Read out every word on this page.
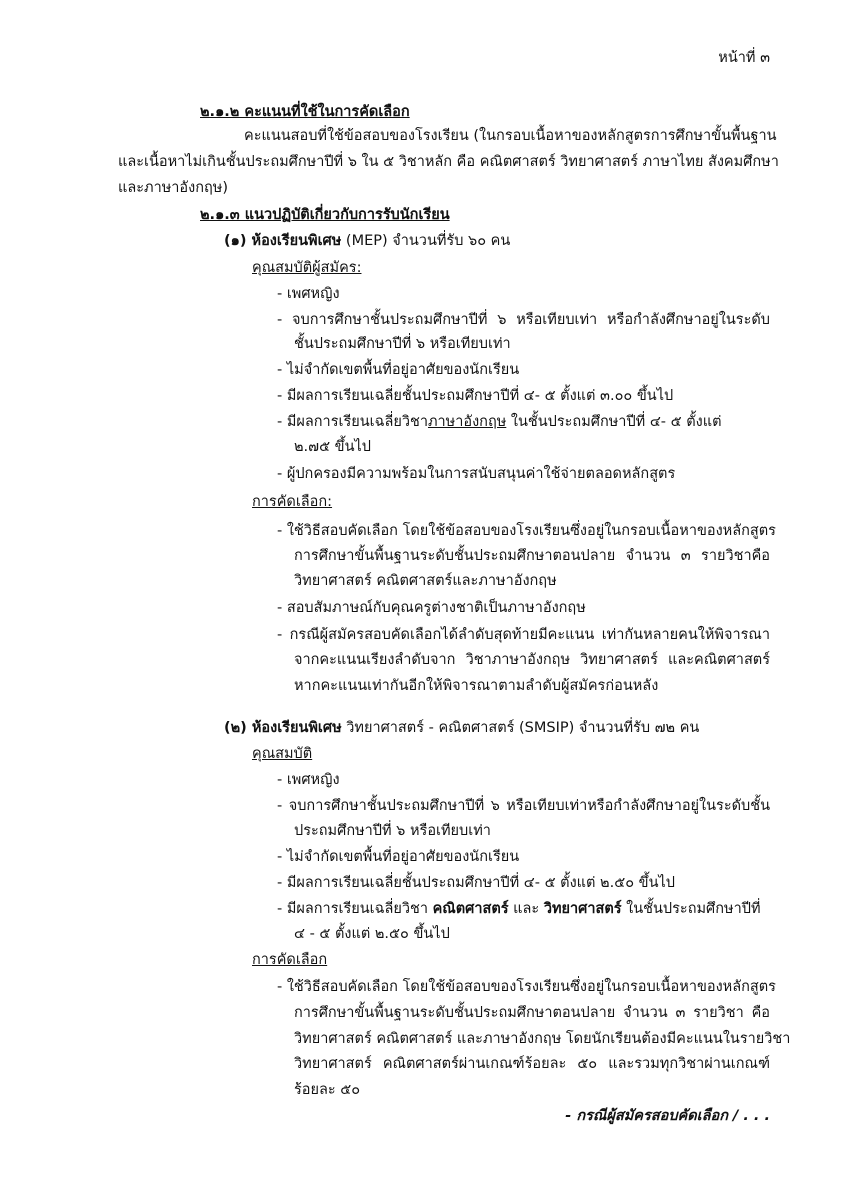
หน้าที่ ๓
๒.๑.๒ คะแนนที่ใช้ในการคัดเลือก
คะแนนสอบที่ใช้ข้อสอบของโรงเรียน (ในกรอบเนื้อหาของหลักสูตรการศึกษาขั้นพื้นฐาน
และเนื้อหาไม่เกินชั้นประถมศึกษาปีที่ ๖ ใน ๕ วิชาหลัก คือ คณิตศาสตร์ วิทยาศาสตร์ ภาษาไทย สังคมศึกษา
และภาษาอังกฤษ)
๒.๑.๓ แนวปฏิบัติเกี่ยวกับการรับนักเรียน
(๑) ห้องเรียนพิเศษ (MEP) จำนวนที่รับ ๖๐ คน
คุณสมบัติผู้สมัคร:
- เพศหญิง
- จบการศึกษาชั้นประถมศึกษาปีที่ ๖ หรือเทียบเท่า หรือกำลังศึกษาอยู่ในระดับ
ชั้นประถมศึกษาปีที่ ๖ หรือเทียบเท่า
- ไม่จำกัดเขตพื้นที่อยู่อาศัยของนักเรียน
- มีผลการเรียนเฉลี่ยชั้นประถมศึกษาปีที่ ๔- ๕ ตั้งแต่ ๓.๐๐ ขึ้นไป
- มีผลการเรียนเฉลี่ยวิชาภาษาอังกฤษ ในชั้นประถมศึกษาปีที่ ๔- ๕ ตั้งแต่
๒.๗๕ ขึ้นไป
- ผู้ปกครองมีความพร้อมในการสนับสนุนค่าใช้จ่ายตลอดหลักสูตร
การคัดเลือก:
- ใช้วิธีสอบคัดเลือก โดยใช้ข้อสอบของโรงเรียนซึ่งอยู่ในกรอบเนื้อหาของหลักสูตร
การศึกษาขั้นพื้นฐานระดับชั้นประถมศึกษาตอนปลาย จำนวน ๓ รายวิชาคือ
วิทยาศาสตร์ คณิตศาสตร์และภาษาอังกฤษ
- สอบสัมภาษณ์กับคุณครูต่างชาติเป็นภาษาอังกฤษ
- กรณีผู้สมัครสอบคัดเลือกได้ลำดับสุดท้ายมีคะแนน เท่ากันหลายคนให้พิจารณา
จากคะแนนเรียงลำดับจาก วิชาภาษาอังกฤษ วิทยาศาสตร์ และคณิตศาสตร์
หากคะแนนเท่ากันอีกให้พิจารณาตามลำดับผู้สมัครก่อนหลัง
(๒) ห้องเรียนพิเศษ วิทยาศาสตร์ - คณิตศาสตร์ (SMSIP) จำนวนที่รับ ๗๒ คน
คุณสมบัติ
- เพศหญิง
- จบการศึกษาชั้นประถมศึกษาปีที่ ๖ หรือเทียบเท่าหรือกำลังศึกษาอยู่ในระดับชั้น
ประถมศึกษาปีที่ ๖ หรือเทียบเท่า
- ไม่จำกัดเขตพื้นที่อยู่อาศัยของนักเรียน
- มีผลการเรียนเฉลี่ยชั้นประถมศึกษาปีที่ ๔- ๕ ตั้งแต่ ๒.๕๐ ขึ้นไป
- มีผลการเรียนเฉลี่ยวิชา คณิตศาสตร์ และ วิทยาศาสตร์ ในชั้นประถมศึกษาปีที่
๔ - ๕ ตั้งแต่ ๒.๕๐ ขึ้นไป
การคัดเลือก
- ใช้วิธีสอบคัดเลือก โดยใช้ข้อสอบของโรงเรียนซึ่งอยู่ในกรอบเนื้อหาของหลักสูตร
การศึกษาขั้นพื้นฐานระดับชั้นประถมศึกษาตอนปลาย จำนวน ๓ รายวิชา คือ
วิทยาศาสตร์ คณิตศาสตร์ และภาษาอังกฤษ โดยนักเรียนต้องมีคะแนนในรายวิชา
วิทยาศาสตร์ คณิตศาสตร์ผ่านเกณฑ์ร้อยละ ๕๐ และรวมทุกวิชาผ่านเกณฑ์
ร้อยละ ๕๐
- กรณีผู้สมัครสอบคัดเลือก / . . .
